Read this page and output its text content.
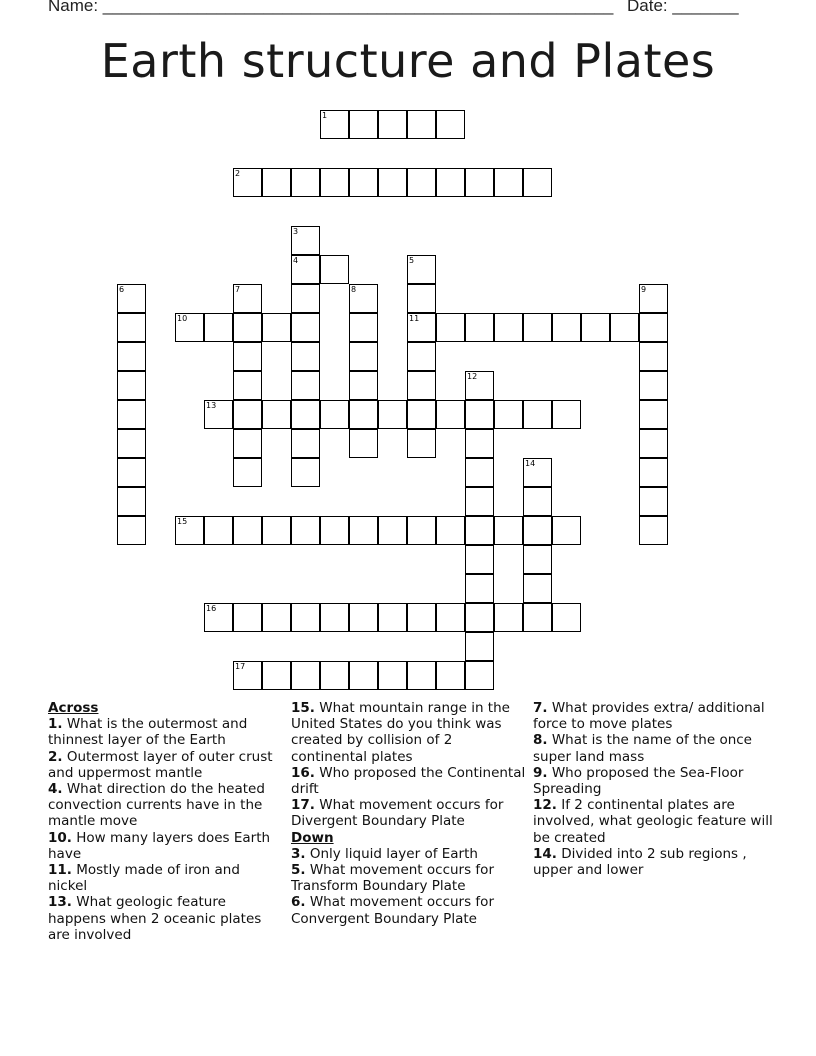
Name: ______________________________________________________ Date: _______
Earth structure and Plates
1
2
3
4	5
6	7	8	9
10	11
12
13
14
15
16
17
Across
1. What is the outermost and thinnest layer of the Earth
2. Outermost layer of outer crust and uppermost mantle
4. What direction do the heated convection currents have in the mantle move
10. How many layers does Earth have
11. Mostly made of iron and nickel
13. What geologic feature happens when 2 oceanic plates are involved
15. What mountain range in the United States do you think was created by collision of 2 continental plates
16. Who proposed the Continental drift
17. What movement occurs for Divergent Boundary Plate
Down
3. Only liquid layer of Earth
5. What movement occurs for Transform Boundary Plate
6. What movement occurs for Convergent Boundary Plate
7. What provides extra/ additional force to move plates
8. What is the name of the once super land mass
9. Who proposed the Sea-Floor Spreading
12. If 2 continental plates are involved, what geologic feature will be created
14. Divided into 2 sub regions , upper and lower
